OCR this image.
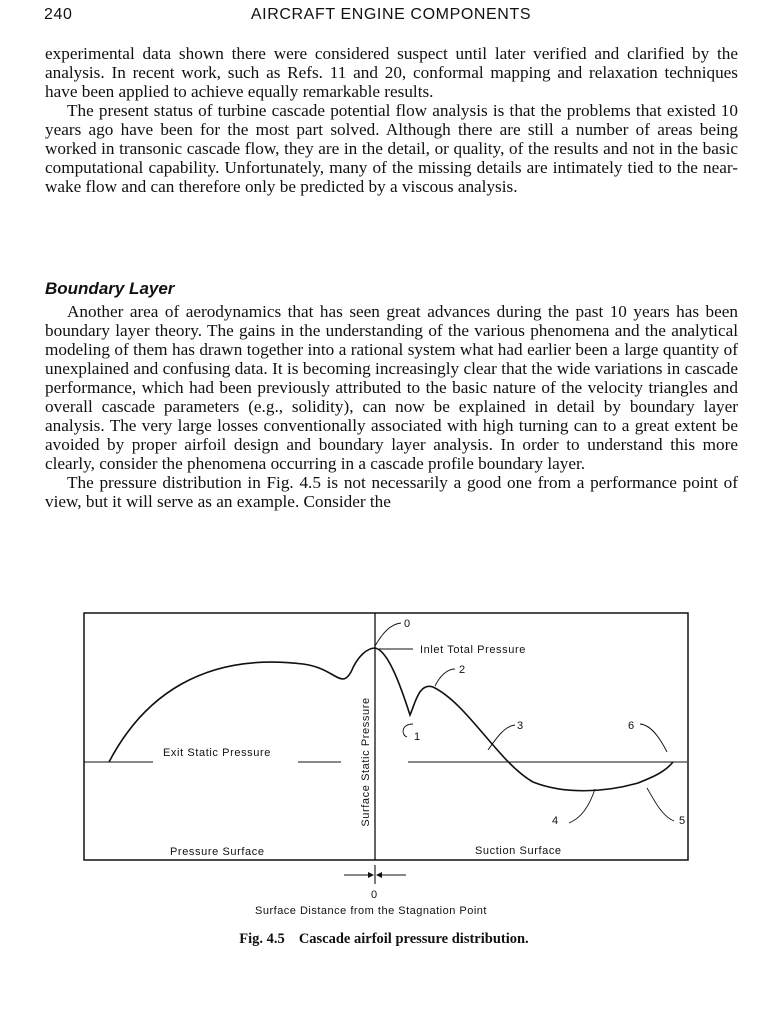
240	AIRCRAFT ENGINE COMPONENTS

experimental data shown there were considered suspect until later verified and clarified by the analysis. In recent work, such as Refs. 11 and 20, conformal mapping and relaxation techniques have been applied to achieve equally remarkable results.

The present status of turbine cascade potential flow analysis is that the problems that existed 10 years ago have been for the most part solved. Although there are still a number of areas being worked in transonic cascade flow, they are in the detail, or quality, of the results and not in the basic computational capability. Unfortunately, many of the missing details are intimately tied to the near-wake flow and can therefore only be predicted by a viscous analysis.

Boundary Layer

Another area of aerodynamics that has seen great advances during the past 10 years has been boundary layer theory. The gains in the understanding of the various phenomena and the analytical modeling of them has drawn together into a rational system what had earlier been a large quantity of unexplained and confusing data. It is becoming increasingly clear that the wide variations in cascade performance, which had been previously attributed to the basic nature of the velocity triangles and overall cascade parameters (e.g., solidity), can now be explained in detail by boundary layer analysis. The very large losses conventionally associated with high turning can to a great extent be avoided by proper airfoil design and boundary layer analysis. In order to understand this more clearly, consider the phenomena occurring in a cascade profile boundary layer.

The pressure distribution in Fig. 4.5 is not necessarily a good one from a performance point of view, but it will serve as an example. Consider the

0
Inlet Total Pressure
2
1
3	6
4	5
Exit Static Pressure	Surface Static Pressure
Pressure Surface	Suction Surface
0
Surface Distance from the Stagnation Point
Fig. 4.5 Cascade airfoil pressure distribution.
